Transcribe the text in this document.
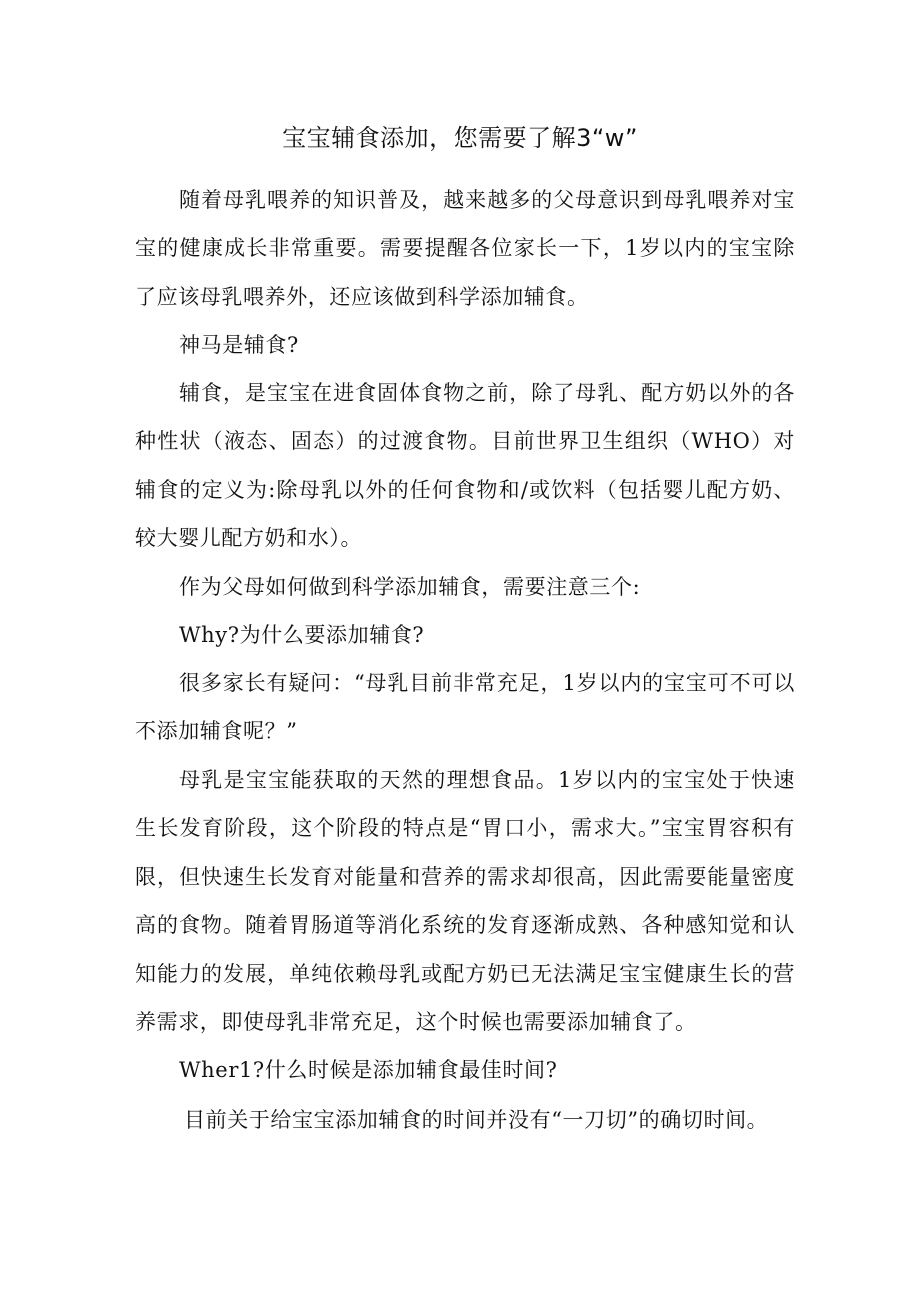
宝宝辅食添加，您需要了解3“w”

随着母乳喂养的知识普及，越来越多的父母意识到母乳喂养对宝宝的健康成长非常重要。需要提醒各位家长一下，1岁以内的宝宝除了应该母乳喂养外，还应该做到科学添加辅食。

神马是辅食?

辅食，是宝宝在进食固体食物之前，除了母乳、配方奶以外的各种性状（液态、固态）的过渡食物。目前世界卫生组织（WHO）对辅食的定义为:除母乳以外的任何食物和/或饮料（包括婴儿配方奶、较大婴儿配方奶和水）。

作为父母如何做到科学添加辅食，需要注意三个:

Why?为什么要添加辅食?

很多家长有疑问：“母乳目前非常充足，1岁以内的宝宝可不可以不添加辅食呢？”

母乳是宝宝能获取的天然的理想食品。1岁以内的宝宝处于快速生长发育阶段，这个阶段的特点是“胃口小，需求大。”宝宝胃容积有限，但快速生长发育对能量和营养的需求却很高，因此需要能量密度高的食物。随着胃肠道等消化系统的发育逐渐成熟、各种感知觉和认知能力的发展，单纯依赖母乳或配方奶已无法满足宝宝健康生长的营养需求，即使母乳非常充足，这个时候也需要添加辅食了。

Wher1?什么时候是添加辅食最佳时间?

目前关于给宝宝添加辅食的时间并没有“一刀切”的确切时间。
